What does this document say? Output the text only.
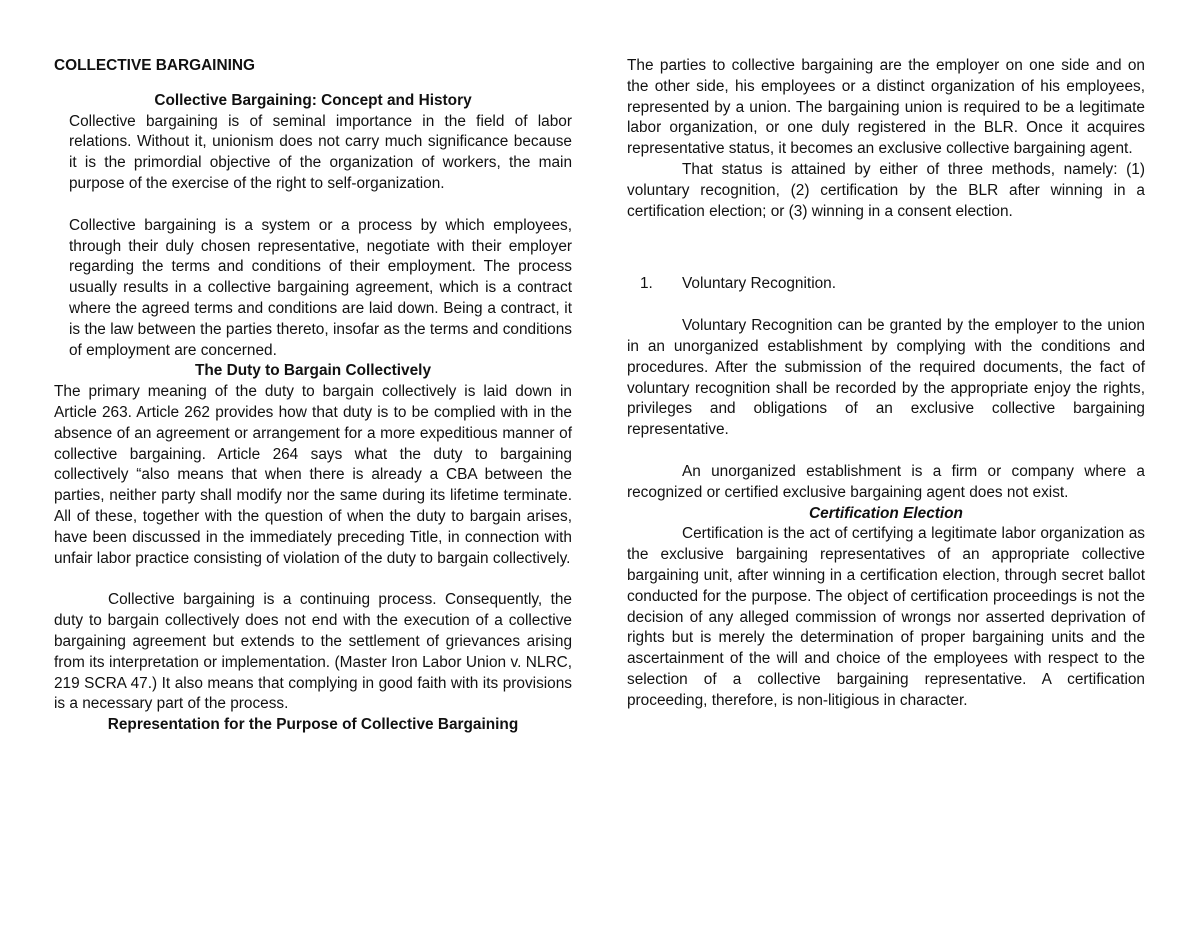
COLLECTIVE BARGAINING
Collective Bargaining: Concept and History

Collective bargaining is of seminal importance in the field of labor relations. Without it, unionism does not carry much significance because it is the primordial objective of the organization of workers, the main purpose of the exercise of the right to self-organization.

Collective bargaining is a system or a process by which employees, through their duly chosen representative, negotiate with their employer regarding the terms and conditions of their employment. The process usually results in a collective bargaining agreement, which is a contract where the agreed terms and conditions are laid down. Being a contract, it is the law between the parties thereto, insofar as the terms and conditions of employment are concerned.

The Duty to Bargain Collectively

The primary meaning of the duty to bargain collectively is laid down in Article 263. Article 262 provides how that duty is to be complied with in the absence of an agreement or arrangement for a more expeditious manner of collective bargaining. Article 264 says what the duty to bargaining collectively “also means that when there is already a CBA between the parties, neither party shall modify nor the same during its lifetime terminate. All of these, together with the question of when the duty to bargain arises, have been discussed in the immediately preceding Title, in connection with unfair labor practice consisting of violation of the duty to bargain collectively.

Collective bargaining is a continuing process. Consequently, the duty to bargain collectively does not end with the execution of a collective bargaining agreement but extends to the settlement of grievances arising from its interpretation or implementation. (Master Iron Labor Union v. NLRC, 219 SCRA 47.) It also means that complying in good faith with its provisions is a necessary part of the process.

Representation for the Purpose of Collective Bargaining

The parties to collective bargaining are the employer on one side and on the other side, his employees or a distinct organization of his employees, represented by a union. The bargaining union is required to be a legitimate labor organization, or one duly registered in the BLR. Once it acquires representative status, it becomes an exclusive collective bargaining agent.

That status is attained by either of three methods, namely: (1) voluntary recognition, (2) certification by the BLR after winning in a certification election; or (3) winning in a consent election.

1.	Voluntary Recognition.

Voluntary Recognition can be granted by the employer to the union in an unorganized establishment by complying with the conditions and procedures. After the submission of the required documents, the fact of voluntary recognition shall be recorded by the appropriate enjoy the rights, privileges and obligations of an exclusive collective bargaining representative.

An unorganized establishment is a firm or company where a recognized or certified exclusive bargaining agent does not exist.

Certification Election

Certification is the act of certifying a legitimate labor organization as the exclusive bargaining representatives of an appropriate collective bargaining unit, after winning in a certification election, through secret ballot conducted for the purpose. The object of certification proceedings is not the decision of any alleged commission of wrongs nor asserted deprivation of rights but is merely the determination of proper bargaining units and the ascertainment of the will and choice of the employees with respect to the selection of a collective bargaining representative. A certification proceeding, therefore, is non-litigious in character.
